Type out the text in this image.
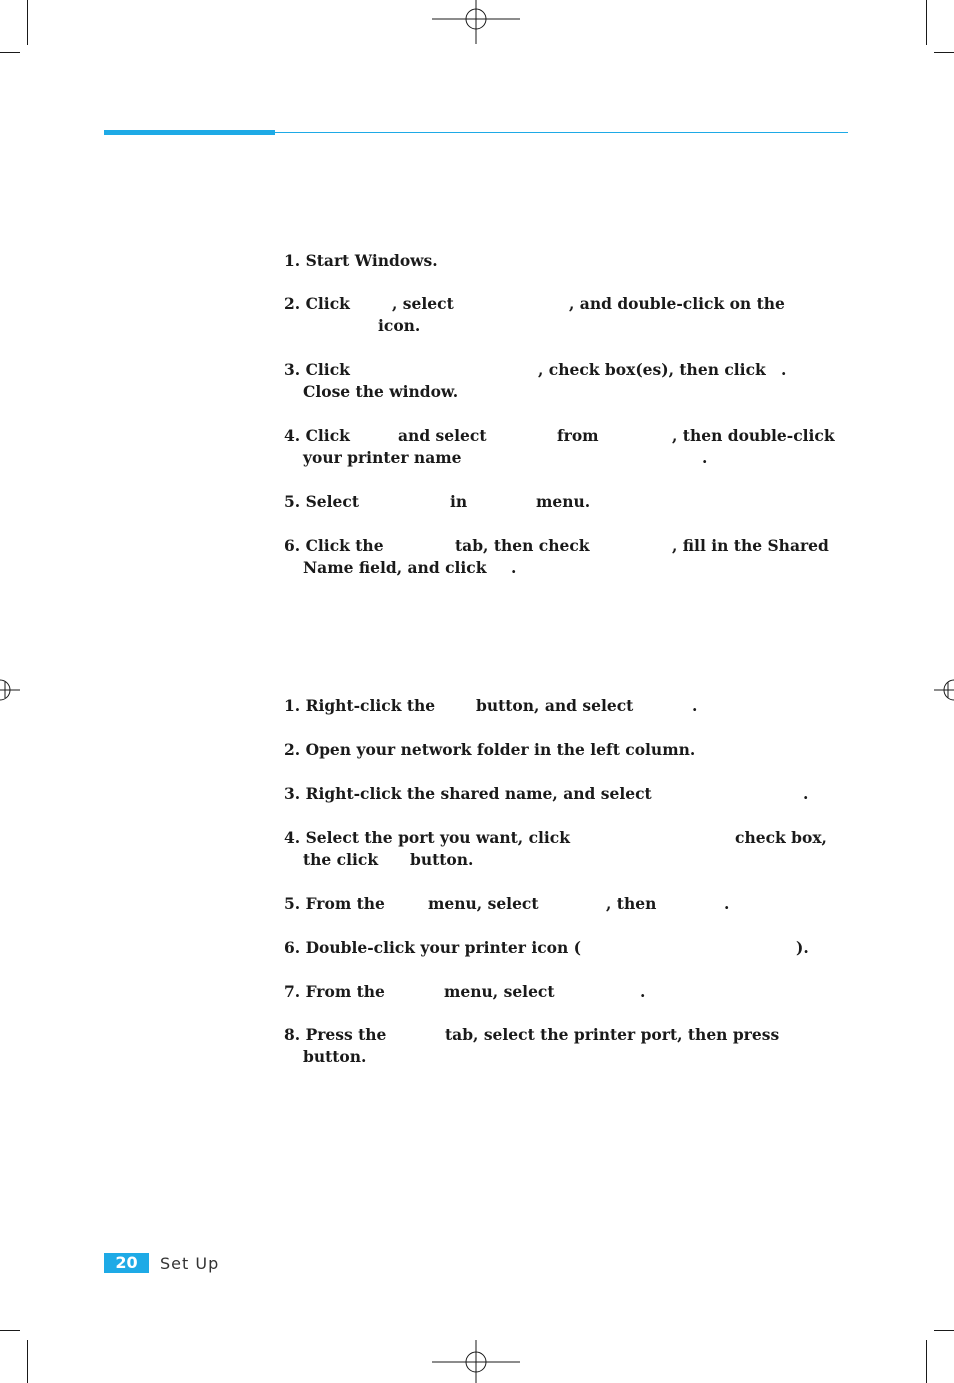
1. Start Windows.
2. Click	, select	, and double-click on the
icon.
3. Click	, check box(es), then click .
Close the window.
4. Click	and select	from	, then double-click
your printer name	.
5. Select	in	menu.
6. Click the	tab, then check	, fill in the Shared
Name field, and click .
1. Right-click the	button, and select	.
2. Open your network folder in the left column.
3. Right-click the shared name, and select	.
4. Select the port you want, click	check box,
the click button.
5. From the	menu, select	, then	.
6. Double-click your printer icon (	).
7. From the	menu, select	.
8. Press the	tab, select the printer port, then press
button.
20	Set Up
